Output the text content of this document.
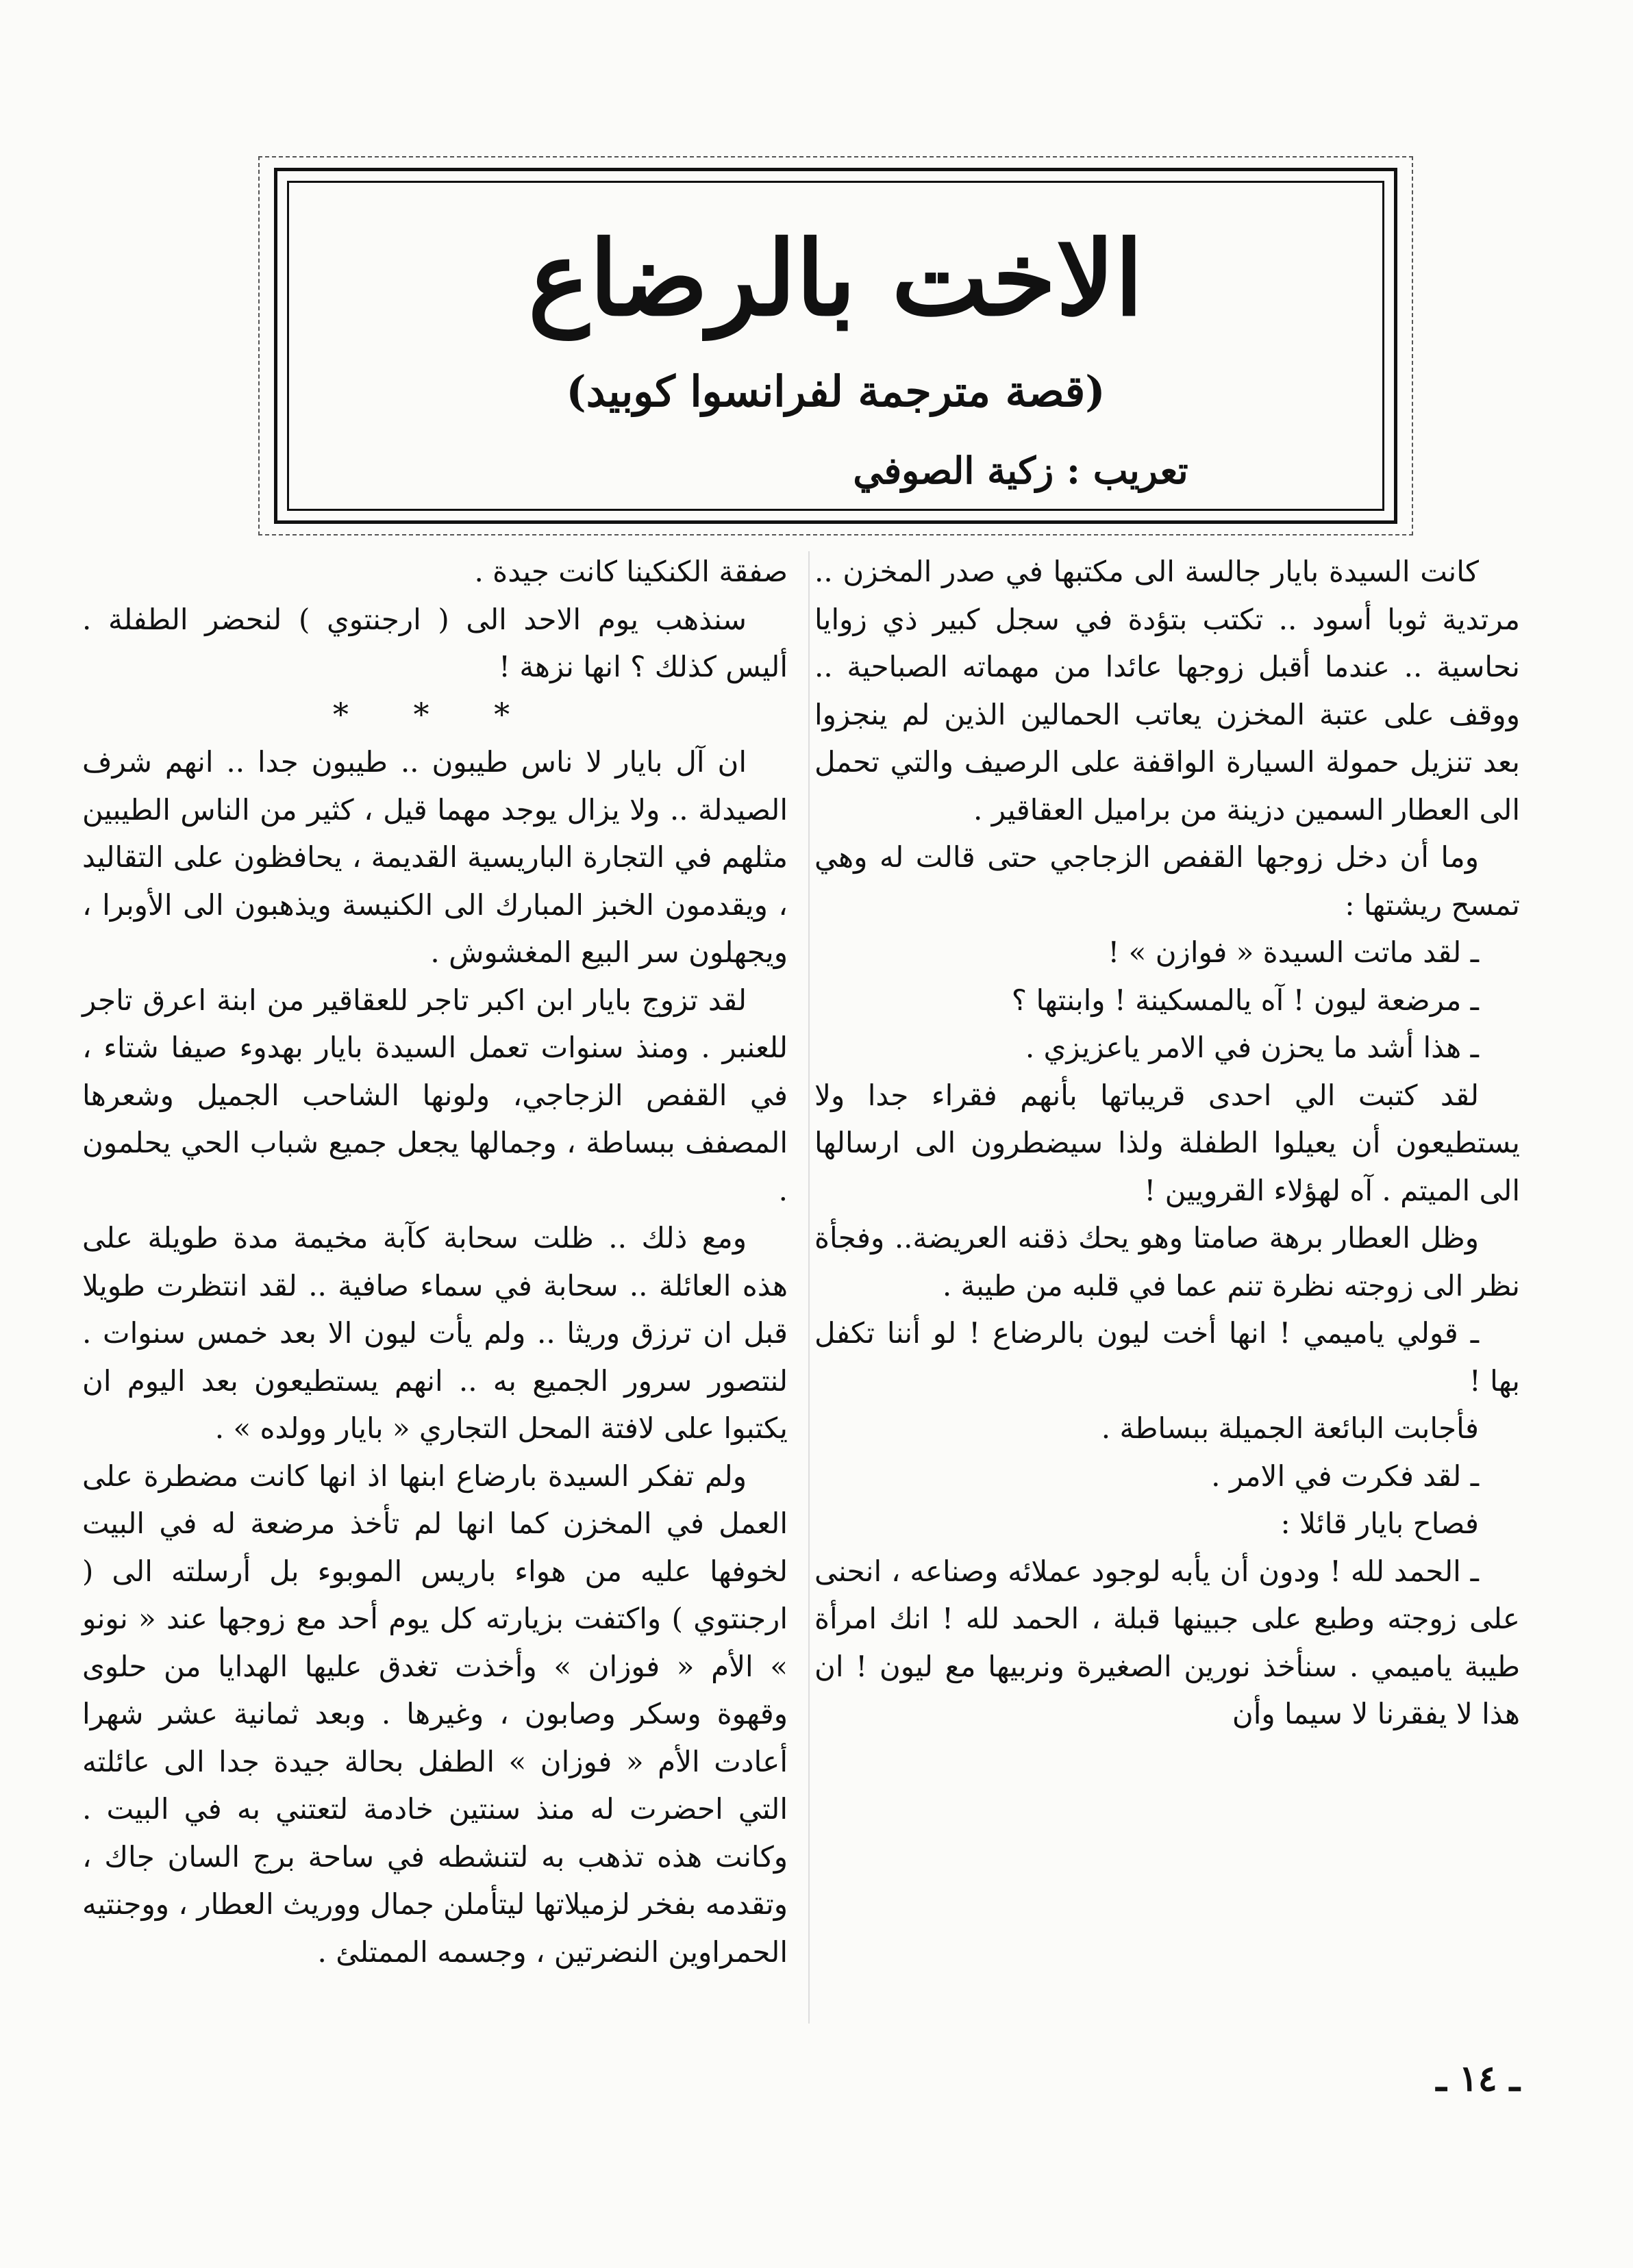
الاخت بالرضاع
(قصة مترجمة لفرانسوا كوبيد)
تعريب : زكية الصوفي

كانت السيدة بايار جالسة الى مكتبها في صدر المخزن .. مرتدية ثوبا أسود .. تكتب بتؤدة في سجل كبير ذي زوايا نحاسية .. عندما أقبل زوجها عائدا من مهماته الصباحية .. ووقف على عتبة المخزن يعاتب الحمالين الذين لم ينجزوا بعد تنزيل حمولة السيارة الواقفة على الرصيف والتي تحمل الى العطار السمين دزينة من براميل العقاقير .

وما أن دخل زوجها القفص الزجاجي حتى قالت له وهي تمسح ريشتها :

ـ لقد ماتت السيدة « فوازن » !

ـ مرضعة ليون ! آه يالمسكينة ! وابنتها ؟

ـ هذا أشد ما يحزن في الامر ياعزيزي .

لقد كتبت الي احدى قريباتها بأنهم فقراء جدا ولا يستطيعون أن يعيلوا الطفلة ولذا سيضطرون الى ارسالها الى الميتم . آه لهؤلاء القرويين !

وظل العطار برهة صامتا وهو يحك ذقنه العريضة.. وفجأة نظر الى زوجته نظرة تنم عما في قلبه من طيبة .

ـ قولي ياميمي ! انها أخت ليون بالرضاع ! لو أننا تكفل بها !

فأجابت البائعة الجميلة ببساطة .

ـ لقد فكرت في الامر .

فصاح بايار قائلا :

ـ الحمد لله ! ودون أن يأبه لوجود عملائه وصناعه ، انحنى على زوجته وطبع على جبينها قبلة ، الحمد لله ! انك امرأة طيبة ياميمي . سنأخذ نورين الصغيرة ونربيها مع ليون ! ان هذا لا يفقرنا لا سيما وأن

صفقة الكنكينا كانت جيدة .

سنذهب يوم الاحد الى ( ارجنتوي ) لنحضر الطفلة . أليس كذلك ؟ انها نزهة !

* * *

ان آل بايار لا ناس طيبون .. طيبون جدا .. انهم شرف الصيدلة .. ولا يزال يوجد مهما قيل ، كثير من الناس الطيبين مثلهم في التجارة الباريسية القديمة ، يحافظون على التقاليد ، ويقدمون الخبز المبارك الى الكنيسة ويذهبون الى الأوبرا ، ويجهلون سر البيع المغشوش .

لقد تزوج بايار ابن اكبر تاجر للعقاقير من ابنة اعرق تاجر للعنبر . ومنذ سنوات تعمل السيدة بايار بهدوء صيفا شتاء ، في القفص الزجاجي، ولونها الشاحب الجميل وشعرها المصفف ببساطة ، وجمالها يجعل جميع شباب الحي يحلمون .

ومع ذلك .. ظلت سحابة كآبة مخيمة مدة طويلة على هذه العائلة .. سحابة في سماء صافية .. لقد انتظرت طويلا قبل ان ترزق وريثا .. ولم يأت ليون الا بعد خمس سنوات . لنتصور سرور الجميع به .. انهم يستطيعون بعد اليوم ان يكتبوا على لافتة المحل التجاري « بايار وولده » .

ولم تفكر السيدة بارضاع ابنها اذ انها كانت مضطرة على العمل في المخزن كما انها لم تأخذ مرضعة له في البيت لخوفها عليه من هواء باريس الموبوء بل أرسلته الى ( ارجنتوي ) واكتفت بزيارته كل يوم أحد مع زوجها عند « نونو » الأم « فوزان » وأخذت تغدق عليها الهدايا من حلوى وقهوة وسكر وصابون ، وغيرها . وبعد ثمانية عشر شهرا أعادت الأم « فوزان » الطفل بحالة جيدة جدا الى عائلته التي احضرت له منذ سنتين خادمة لتعتني به في البيت . وكانت هذه تذهب به لتنشطه في ساحة برج السان جاك ، وتقدمه بفخر لزميلاتها ليتأملن جمال ووريث العطار ، ووجنتيه الحمراوين النضرتين ، وجسمه الممتلئ .

ـ ١٤ ـ
